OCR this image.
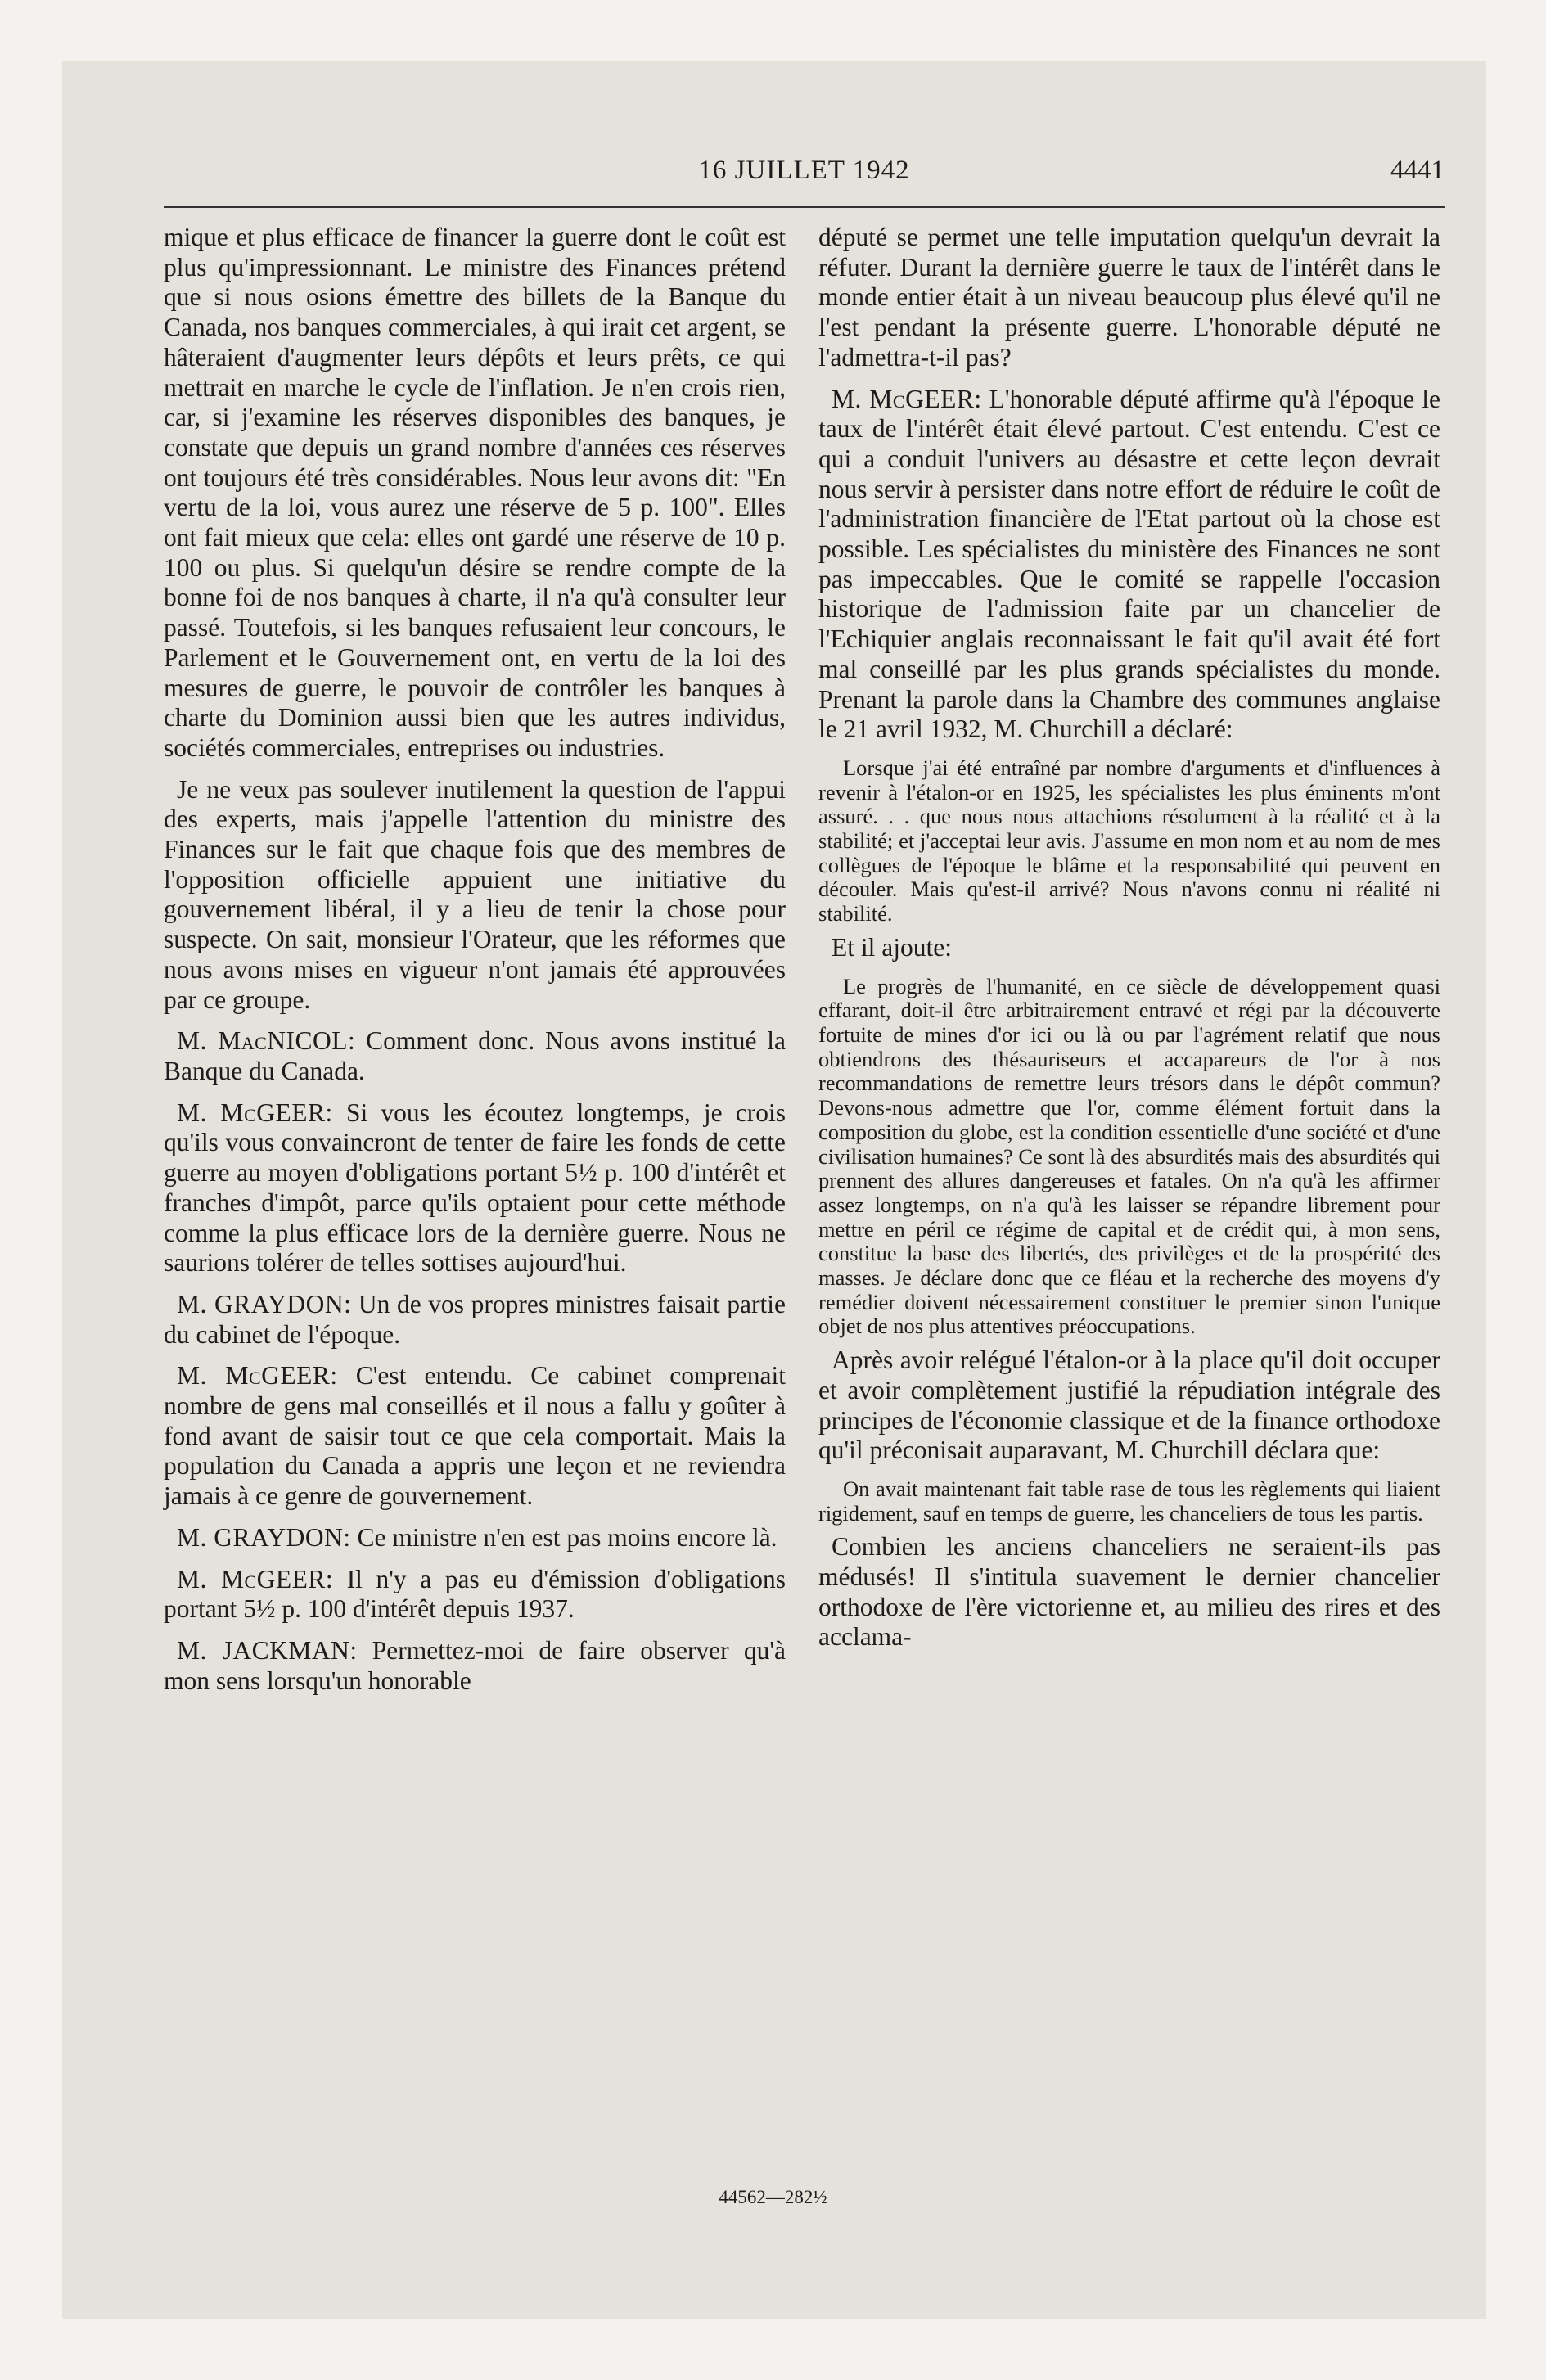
16 JUILLET 1942	4441

mique et plus efficace de financer la guerre dont le coût est plus qu'impressionnant. Le ministre des Finances prétend que si nous osions émettre des billets de la Banque du Canada, nos banques commerciales, à qui irait cet argent, se hâteraient d'augmenter leurs dépôts et leurs prêts, ce qui mettrait en marche le cycle de l'inflation. Je n'en crois rien, car, si j'examine les réserves disponibles des banques, je constate que depuis un grand nombre d'années ces réserves ont toujours été très considérables. Nous leur avons dit: "En vertu de la loi, vous aurez une réserve de 5 p. 100". Elles ont fait mieux que cela: elles ont gardé une réserve de 10 p. 100 ou plus. Si quelqu'un désire se rendre compte de la bonne foi de nos banques à charte, il n'a qu'à consulter leur passé. Toutefois, si les banques refusaient leur concours, le Parlement et le Gouvernement ont, en vertu de la loi des mesures de guerre, le pouvoir de contrôler les banques à charte du Dominion aussi bien que les autres individus, sociétés commerciales, entreprises ou industries.

Je ne veux pas soulever inutilement la question de l'appui des experts, mais j'appelle l'attention du ministre des Finances sur le fait que chaque fois que des membres de l'opposition officielle appuient une initiative du gouvernement libéral, il y a lieu de tenir la chose pour suspecte. On sait, monsieur l'Orateur, que les réformes que nous avons mises en vigueur n'ont jamais été approuvées par ce groupe.

M. MacNICOL: Comment donc. Nous avons institué la Banque du Canada.

M. McGEER: Si vous les écoutez longtemps, je crois qu'ils vous convaincront de tenter de faire les fonds de cette guerre au moyen d'obligations portant 5½ p. 100 d'intérêt et franches d'impôt, parce qu'ils optaient pour cette méthode comme la plus efficace lors de la dernière guerre. Nous ne saurions tolérer de telles sottises aujourd'hui.

M. GRAYDON: Un de vos propres ministres faisait partie du cabinet de l'époque.

M. McGEER: C'est entendu. Ce cabinet comprenait nombre de gens mal conseillés et il nous a fallu y goûter à fond avant de saisir tout ce que cela comportait. Mais la population du Canada a appris une leçon et ne reviendra jamais à ce genre de gouvernement.

M. GRAYDON: Ce ministre n'en est pas moins encore là.

M. McGEER: Il n'y a pas eu d'émission d'obligations portant 5½ p. 100 d'intérêt depuis 1937.

M. JACKMAN: Permettez-moi de faire observer qu'à mon sens lorsqu'un honorable

député se permet une telle imputation quelqu'un devrait la réfuter. Durant la dernière guerre le taux de l'intérêt dans le monde entier était à un niveau beaucoup plus élevé qu'il ne l'est pendant la présente guerre. L'honorable député ne l'admettra-t-il pas?

M. McGEER: L'honorable député affirme qu'à l'époque le taux de l'intérêt était élevé partout. C'est entendu. C'est ce qui a conduit l'univers au désastre et cette leçon devrait nous servir à persister dans notre effort de réduire le coût de l'administration financière de l'Etat partout où la chose est possible. Les spécialistes du ministère des Finances ne sont pas impeccables. Que le comité se rappelle l'occasion historique de l'admission faite par un chancelier de l'Echiquier anglais reconnaissant le fait qu'il avait été fort mal conseillé par les plus grands spécialistes du monde. Prenant la parole dans la Chambre des communes anglaise le 21 avril 1932, M. Churchill a déclaré:

Lorsque j'ai été entraîné par nombre d'arguments et d'influences à revenir à l'étalon-or en 1925, les spécialistes les plus éminents m'ont assuré. . . que nous nous attachions résolument à la réalité et à la stabilité; et j'acceptai leur avis. J'assume en mon nom et au nom de mes collègues de l'époque le blâme et la responsabilité qui peuvent en découler. Mais qu'est-il arrivé? Nous n'avons connu ni réalité ni stabilité.

Et il ajoute:

Le progrès de l'humanité, en ce siècle de développement quasi effarant, doit-il être arbitrairement entravé et régi par la découverte fortuite de mines d'or ici ou là ou par l'agrément relatif que nous obtiendrons des thésauriseurs et accapareurs de l'or à nos recommandations de remettre leurs trésors dans le dépôt commun? Devons-nous admettre que l'or, comme élément fortuit dans la composition du globe, est la condition essentielle d'une société et d'une civilisation humaines? Ce sont là des absurdités mais des absurdités qui prennent des allures dangereuses et fatales. On n'a qu'à les affirmer assez longtemps, on n'a qu'à les laisser se répandre librement pour mettre en péril ce régime de capital et de crédit qui, à mon sens, constitue la base des libertés, des privilèges et de la prospérité des masses. Je déclare donc que ce fléau et la recherche des moyens d'y remédier doivent nécessairement constituer le premier sinon l'unique objet de nos plus attentives préoccupations.

Après avoir relégué l'étalon-or à la place qu'il doit occuper et avoir complètement justifié la répudiation intégrale des principes de l'économie classique et de la finance orthodoxe qu'il préconisait auparavant, M. Churchill déclara que:

On avait maintenant fait table rase de tous les règlements qui liaient rigidement, sauf en temps de guerre, les chanceliers de tous les partis.

Combien les anciens chanceliers ne seraient-ils pas médusés! Il s'intitula suavement le dernier chancelier orthodoxe de l'ère victorienne et, au milieu des rires et des acclama-

44562—282½
